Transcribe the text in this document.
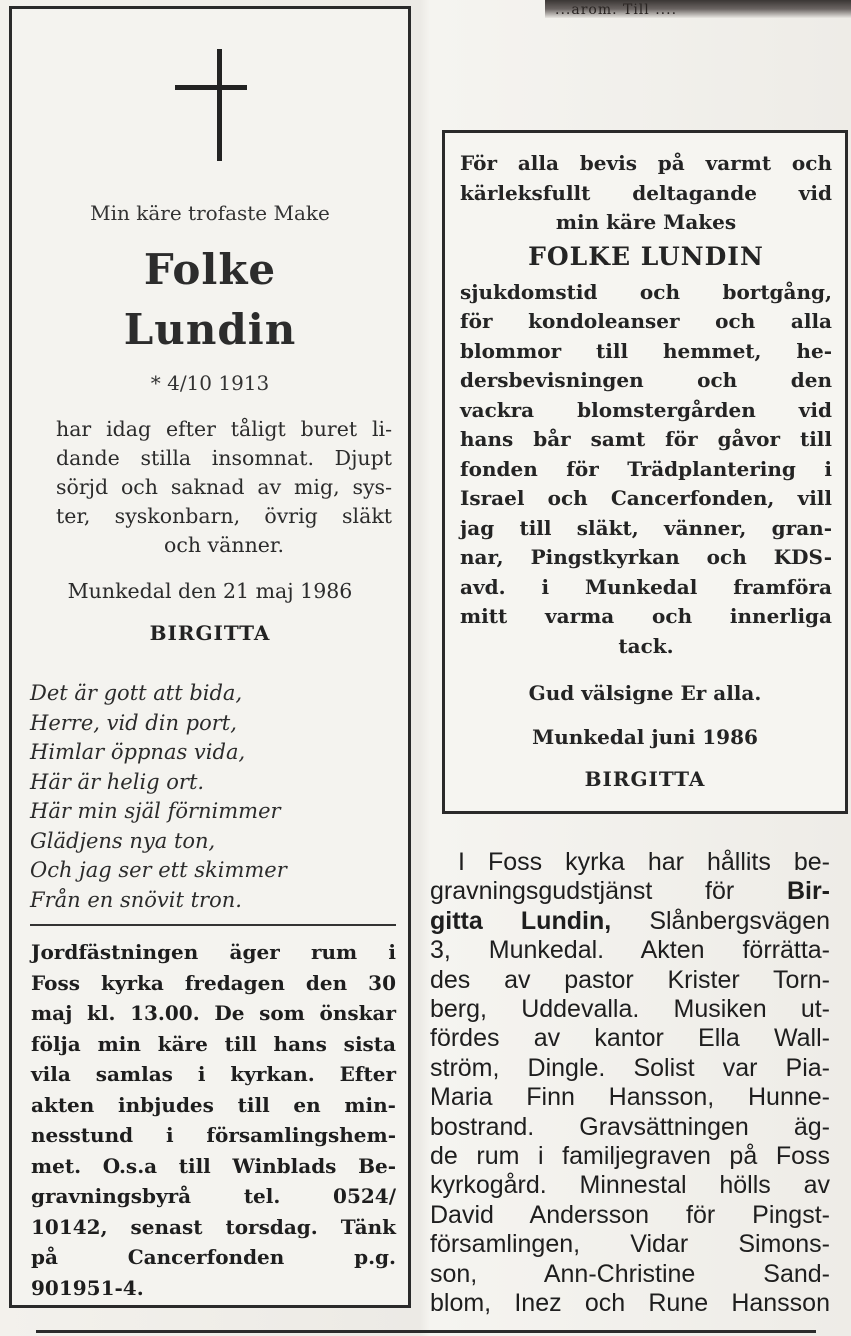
...arom. Till ....
Min käre trofaste Make
Folke
Lundin
* 4/10 1913
har idag efter tåligt buret li-
dande stilla insomnat. Djupt
sörjd och saknad av mig, sys-
ter, syskonbarn, övrig släkt
och vänner.
Munkedal den 21 maj 1986
BIRGITTA
Det är gott att bida,
Herre, vid din port,
Himlar öppnas vida,
Här är helig ort.
Här min själ förnimmer
Glädjens nya ton,
Och jag ser ett skimmer
Från en snövit tron.
Jordfästningen äger rum i
Foss kyrka fredagen den 30
maj kl. 13.00. De som önskar
följa min käre till hans sista
vila samlas i kyrkan. Efter
akten inbjudes till en min-
nesstund i församlingshem-
met. O.s.a till Winblads Be-
gravningsbyrå tel. 0524/
10142, senast torsdag. Tänk
på Cancerfonden p.g.
901951-4.
För alla bevis på varmt och
kärleksfullt deltagande vid
min käre Makes
FOLKE LUNDIN
sjukdomstid och bortgång,
för kondoleanser och alla
blommor till hemmet, he-
dersbevisningen och den
vackra blomstergården vid
hans bår samt för gåvor till
fonden för Trädplantering i
Israel och Cancerfonden, vill
jag till släkt, vänner, gran-
nar, Pingstkyrkan och KDS-
avd. i Munkedal framföra
mitt varma och innerliga
tack.
Gud välsigne Er alla.
Munkedal juni 1986
BIRGITTA
I Foss kyrka har hållits be-
gravningsgudstjänst för Bir-
gitta Lundin, Slånbergsvägen
3, Munkedal. Akten förrätta-
des av pastor Krister Torn-
berg, Uddevalla. Musiken ut-
fördes av kantor Ella Wall-
ström, Dingle. Solist var Pia-
Maria Finn Hansson, Hunne-
bostrand. Gravsättningen äg-
de rum i familjegraven på Foss
kyrkogård. Minnestal hölls av
David Andersson för Pingst-
församlingen, Vidar Simons-
son, Ann-Christine Sand-
blom, Inez och Rune Hansson
